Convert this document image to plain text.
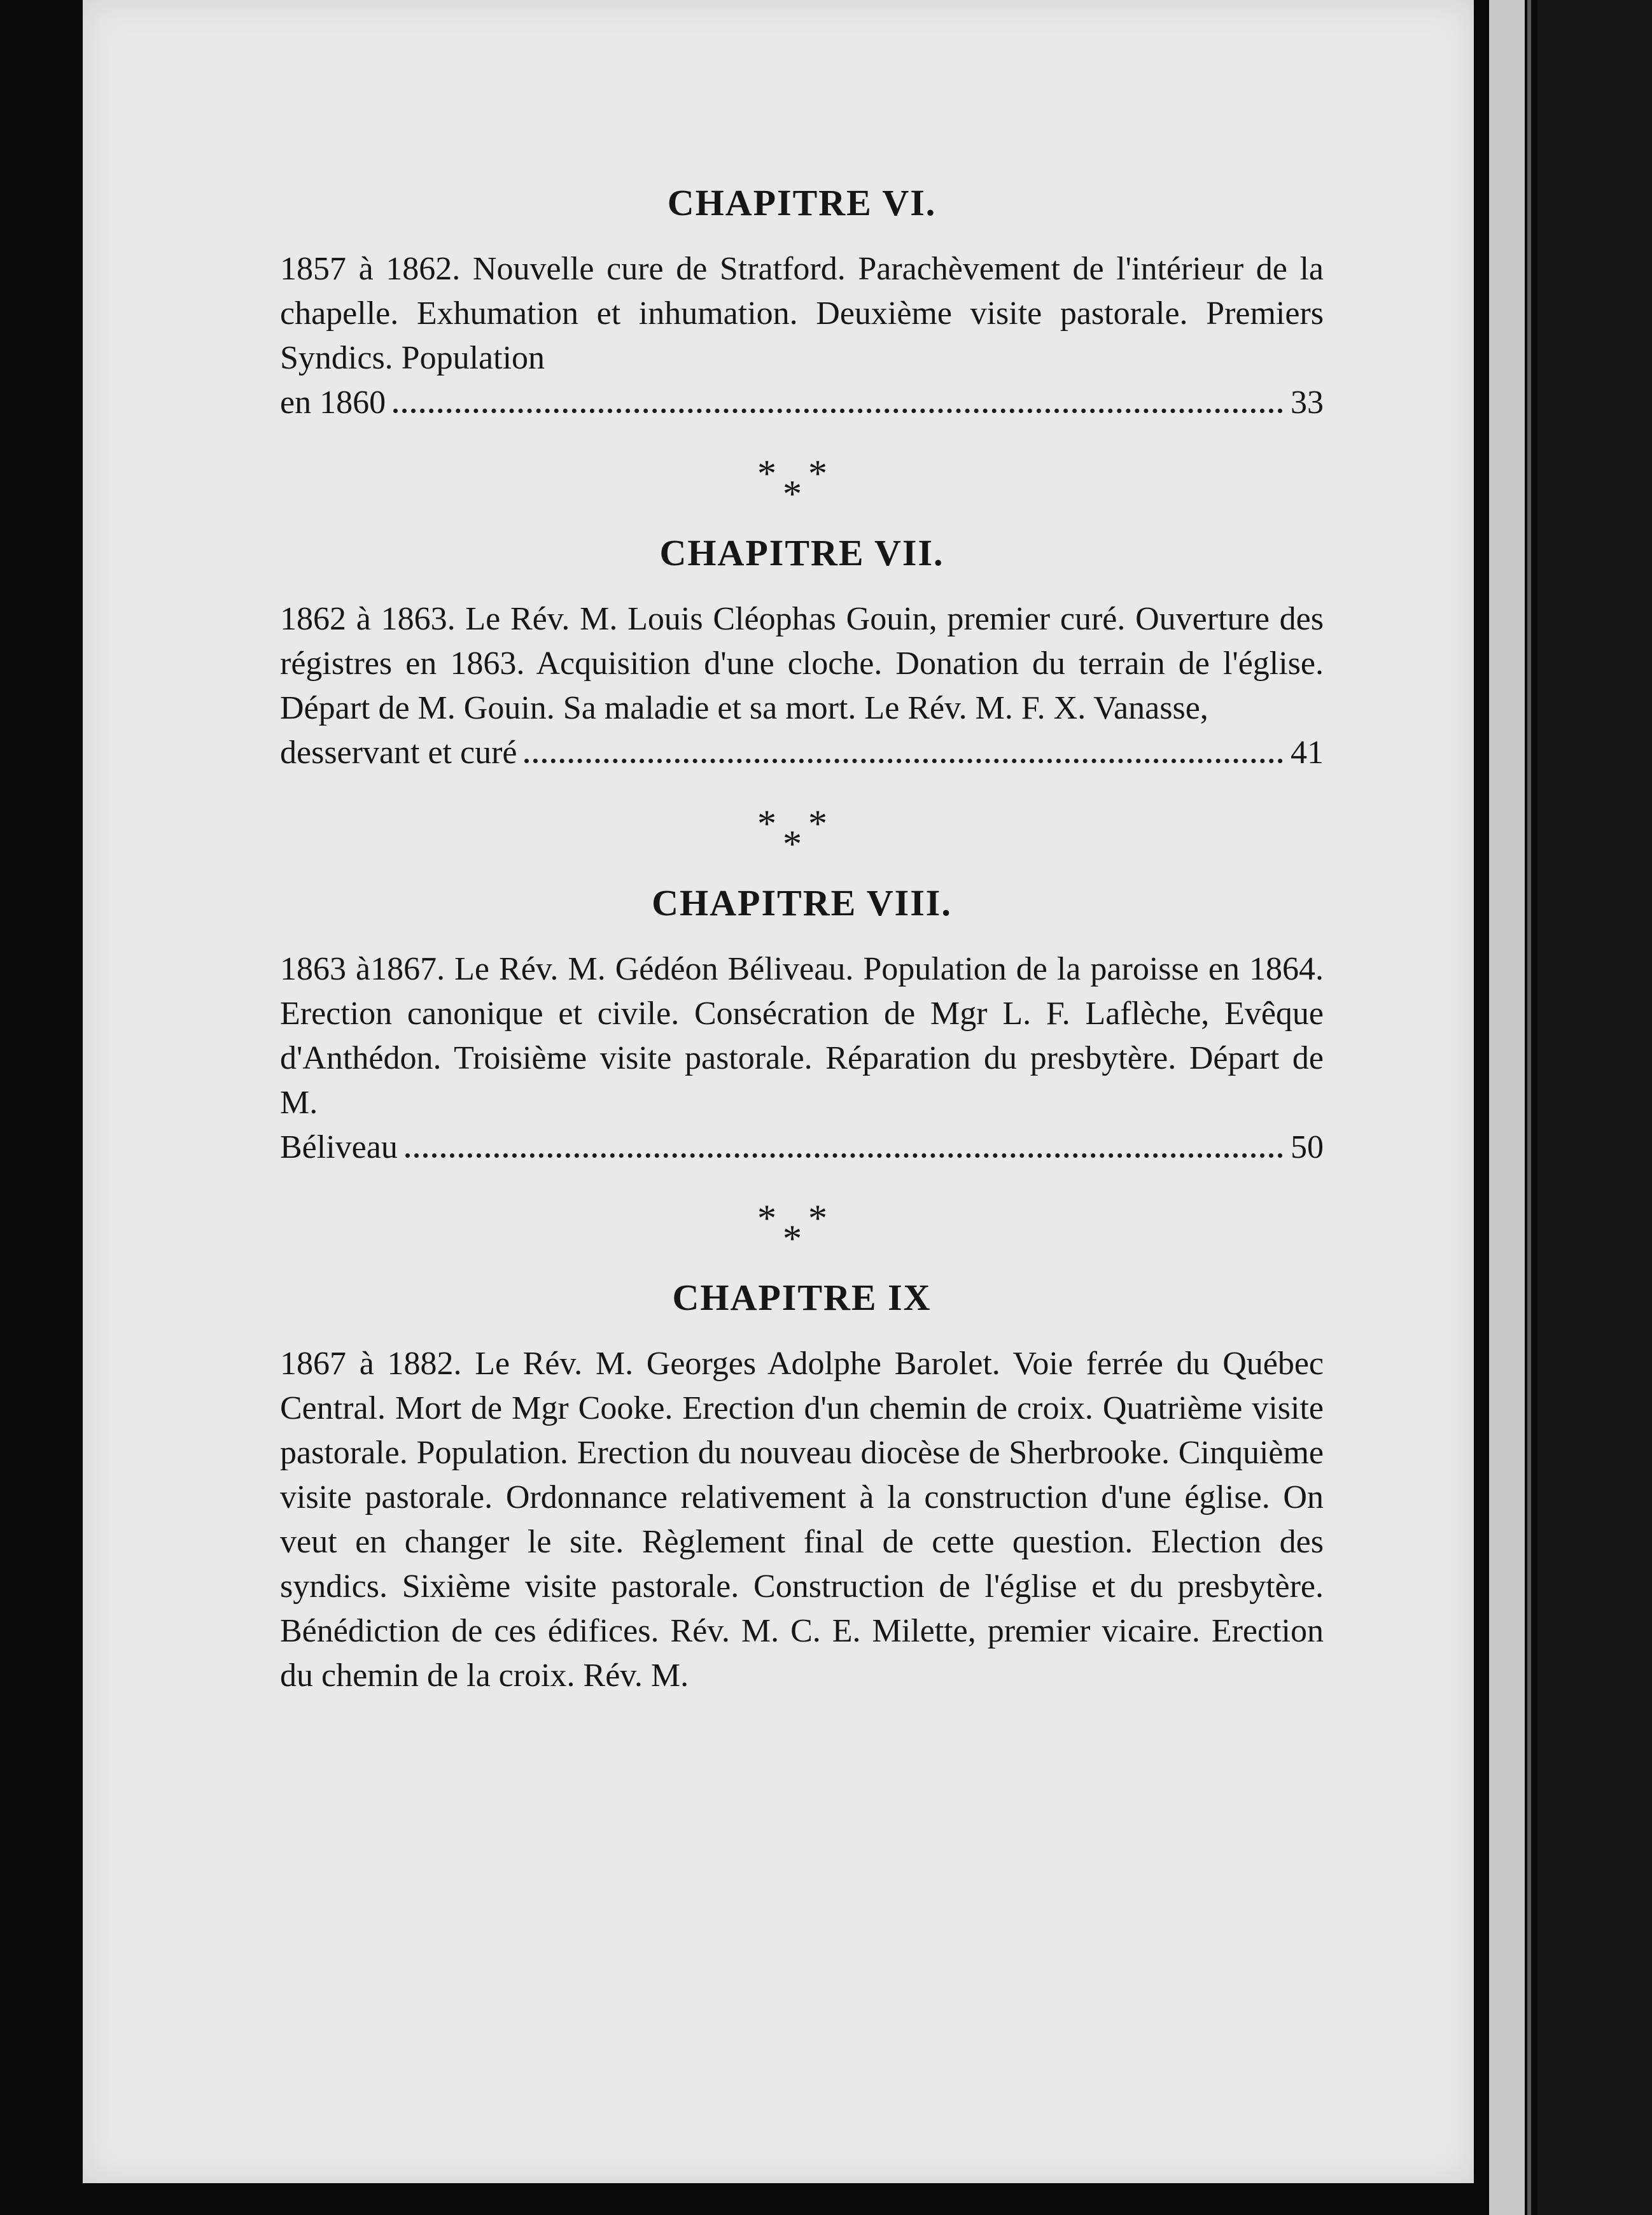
CHAPITRE VI.

1857 à 1862. Nouvelle cure de Stratford. Parachèvement de l'intérieur de la chapelle. Exhumation et inhumation. Deuxième visite pastorale. Premiers Syndics. Population

en 1860	33
* *
*
CHAPITRE VII.

1862 à 1863. Le Rév. M. Louis Cléophas Gouin, premier curé. Ouverture des régistres en 1863. Acquisition d'une cloche. Donation du terrain de l'église. Départ de M. Gouin. Sa maladie et sa mort. Le Rév. M. F. X. Vanasse,

desservant et curé	41
* *
*
CHAPITRE VIII.

1863 à1867. Le Rév. M. Gédéon Béliveau. Population de la paroisse en 1864. Erection canonique et civile. Consécration de Mgr L. F. Laflèche, Evêque d'Anthédon. Troisième visite pastorale. Réparation du presbytère. Départ de M.

Béliveau	50
* *
*
CHAPITRE IX

1867 à 1882. Le Rév. M. Georges Adolphe Barolet. Voie ferrée du Québec Central. Mort de Mgr Cooke. Erection d'un chemin de croix. Quatrième visite pastorale. Population. Erection du nouveau diocèse de Sherbrooke. Cinquième visite pastorale. Ordonnance relativement à la construction d'une église. On veut en changer le site. Règlement final de cette question. Election des syndics. Sixième visite pastorale. Construction de l'église et du presbytère. Bénédiction de ces édifices. Rév. M. C. E. Milette, premier vicaire. Erection du chemin de la croix. Rév. M.
